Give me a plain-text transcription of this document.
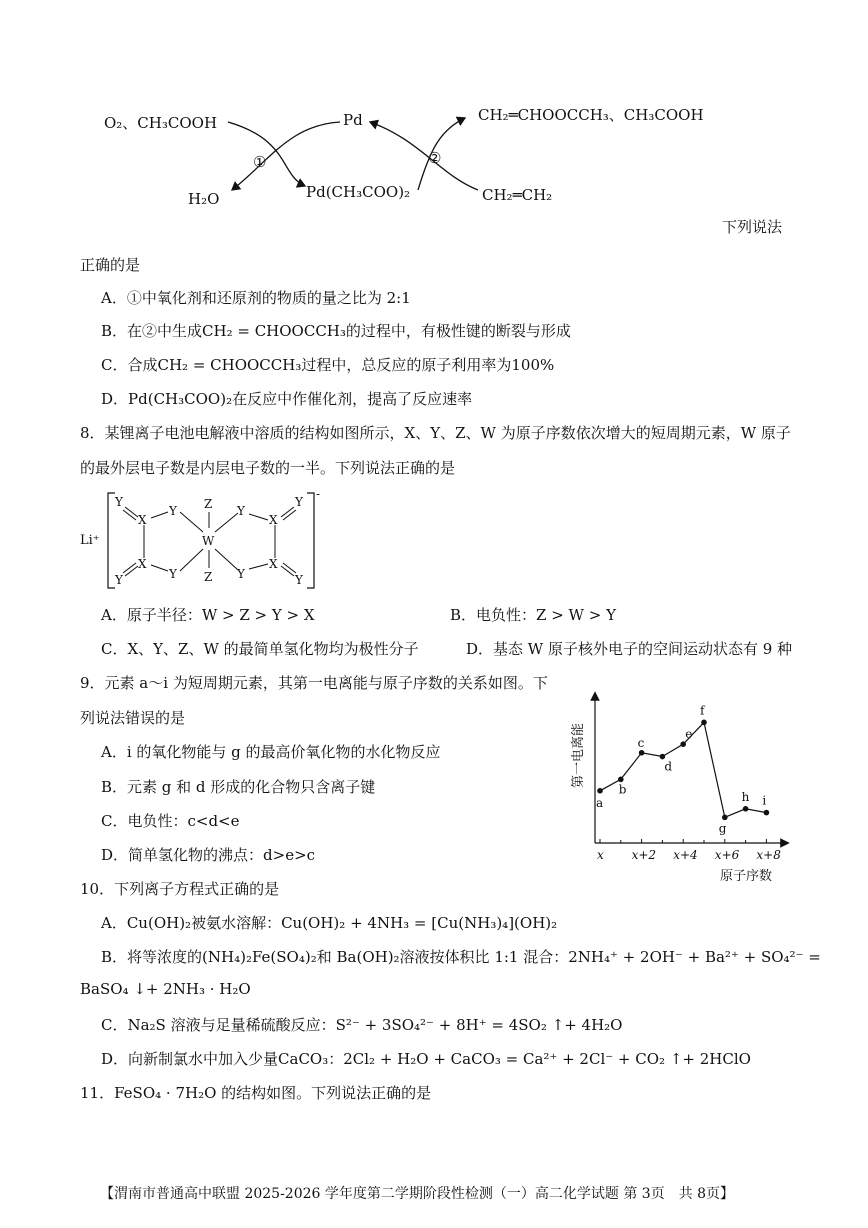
O₂、CH₃COOH
H₂O
①	②
Pd
Pd(CH₃COO)₂
CH₂═CHOOCCH₃、CH₃COOH
CH₂═CH₂
下列说法
正确的是
A．①中氧化剂和还原剂的物质的量之比为 2:1
B．在②中生成CH₂ = CHOOCCH₃的过程中，有极性键的断裂与形成
C．合成CH₂ = CHOOCCH₃过程中，总反应的原子利用率为100%
D．Pd(CH₃COO)₂在反应中作催化剂，提高了反应速率
8．某锂离子电池电解液中溶质的结构如图所示，X、Y、Z、W 为原子序数依次增大的短周期元素，W 原子
的最外层电子数是内层电子数的一半。下列说法正确的是
Li⁺
-
Y
X
Y Z
W
Y
X
Y
X
Y	Y Z Y
X
Y
A．原子半径：W > Z > Y > X	B．电负性：Z > W > Y
C．X、Y、Z、W 的最简单氢化物均为极性分子	D．基态 W 原子核外电子的空间运动状态有 9 种
9．元素 a～i 为短周期元素，其第一电离能与原子序数的关系如图。下
列说法错误的是
A．i 的氧化物能与 g 的最高价氧化物的水化物反应
B．元素 g 和 d 形成的化合物只含离子键
C．电负性：c<d<e
D．简单氢化物的沸点：d>e>c
第一电离能
原子序数
x x+2 x+4 x+6 x+8
a
b
c
d
e
f
g
h i
10．下列离子方程式正确的是
A．Cu(OH)₂被氨水溶解：Cu(OH)₂ + 4NH₃ = [Cu(NH₃)₄](OH)₂
B．将等浓度的(NH₄)₂Fe(SO₄)₂和 Ba(OH)₂溶液按体积比 1:1 混合：2NH₄⁺ + 2OH⁻ + Ba²⁺ + SO₄²⁻ =
BaSO₄ ↓+ 2NH₃ · H₂O
C．Na₂S 溶液与足量稀硫酸反应：S²⁻ + 3SO₄²⁻ + 8H⁺ = 4SO₂ ↑+ 4H₂O
D．向新制氯水中加入少量CaCO₃：2Cl₂ + H₂O + CaCO₃ = Ca²⁺ + 2Cl⁻ + CO₂ ↑+ 2HClO
11．FeSO₄ · 7H₂O 的结构如图。下列说法正确的是
【渭南市普通高中联盟 2025-2026 学年度第二学期阶段性检测（一）高二化学试题 第 3页　共 8页】
